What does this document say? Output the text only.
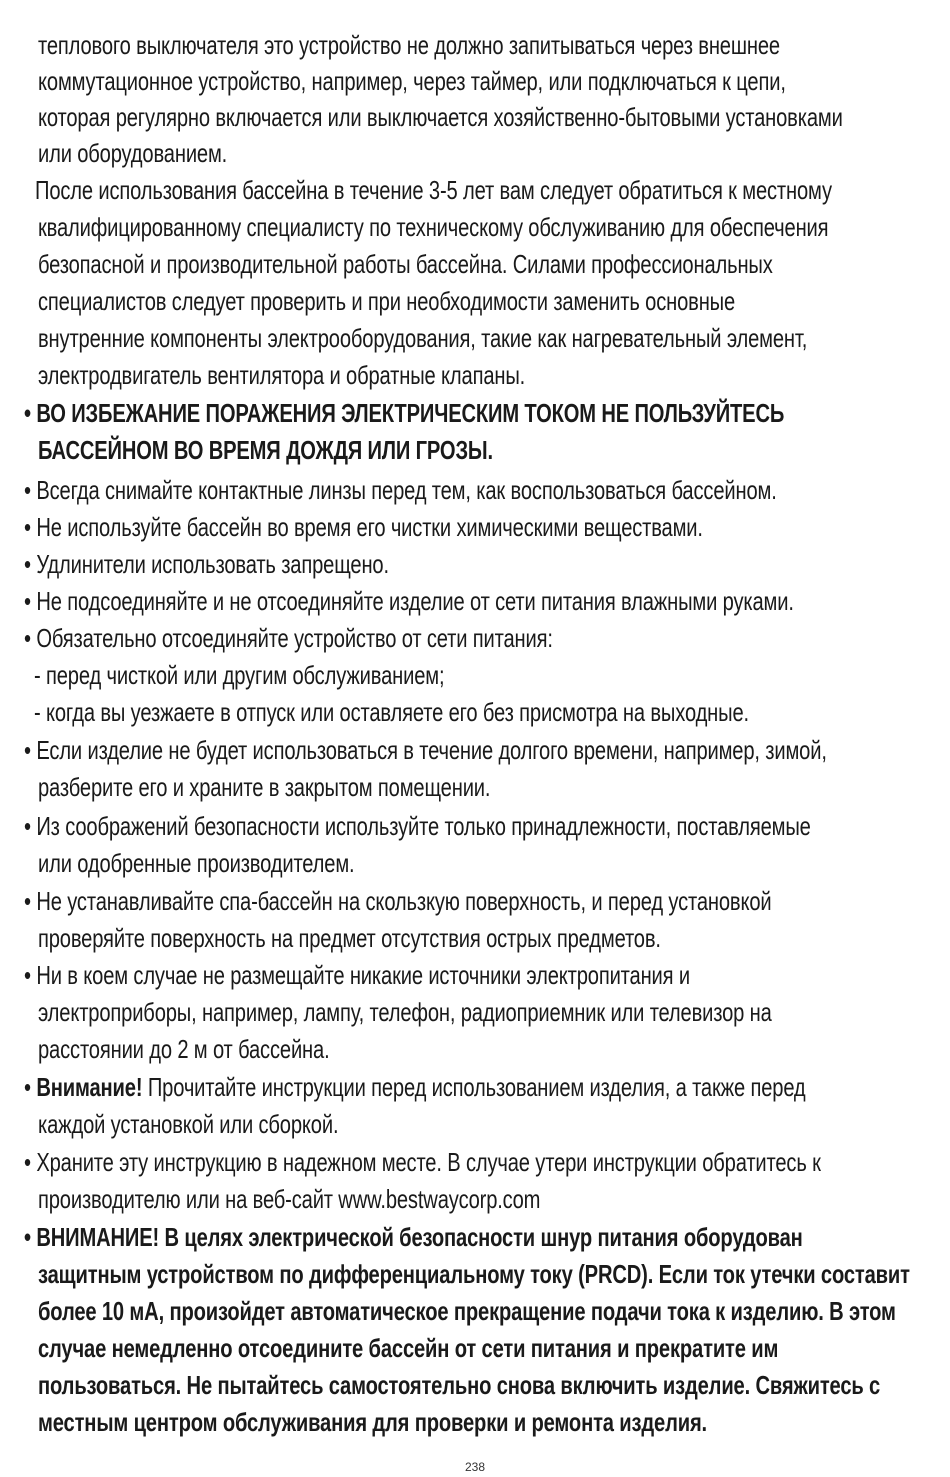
теплового выключателя это устройство не должно запитываться через внешнее
коммутационное устройство, например, через таймер, или подключаться к цепи,
которая регулярно включается или выключается хозяйственно-бытовыми установками
или оборудованием.
После использования бассейна в течение 3-5 лет вам следует обратиться к местному
квалифицированному специалисту по техническому обслуживанию для обеспечения
безопасной и производительной работы бассейна. Силами профессиональных
специалистов следует проверить и при необходимости заменить основные
внутренние компоненты электрооборудования, такие как нагревательный элемент,
электродвигатель вентилятора и обратные клапаны.
• ВО ИЗБЕЖАНИЕ ПОРАЖЕНИЯ ЭЛЕКТРИЧЕСКИМ ТОКОМ НЕ ПОЛЬЗУЙТЕСЬ
БАССЕЙНОМ ВО ВРЕМЯ ДОЖДЯ ИЛИ ГРОЗЫ.
• Всегда снимайте контактные линзы перед тем, как воспользоваться бассейном.
• Не используйте бассейн во время его чистки химическими веществами.
• Удлинители использовать запрещено.
• Не подсоединяйте и не отсоединяйте изделие от сети питания влажными руками.
• Обязательно отсоединяйте устройство от сети питания:
- перед чисткой или другим обслуживанием;
- когда вы уезжаете в отпуск или оставляете его без присмотра на выходные.
• Если изделие не будет использоваться в течение долгого времени, например, зимой,
разберите его и храните в закрытом помещении.
• Из соображений безопасности используйте только принадлежности, поставляемые
или одобренные производителем.
• Не устанавливайте спа-бассейн на скользкую поверхность, и перед установкой
проверяйте поверхность на предмет отсутствия острых предметов.
• Ни в коем случае не размещайте никакие источники электропитания и
электроприборы, например, лампу, телефон, радиоприемник или телевизор на
расстоянии до 2 м от бассейна.
• Внимание! Прочитайте инструкции перед использованием изделия, а также перед
каждой установкой или сборкой.
• Храните эту инструкцию в надежном месте. В случае утери инструкции обратитесь к
производителю или на веб-сайт www.bestwaycorp.com
• ВНИМАНИЕ! В целях электрической безопасности шнур питания оборудован
защитным устройством по дифференциальному току (PRCD). Если ток утечки составит
более 10 мА, произойдет автоматическое прекращение подачи тока к изделию. В этом
случае немедленно отсоедините бассейн от сети питания и прекратите им
пользоваться. Не пытайтесь самостоятельно снова включить изделие. Свяжитесь с
местным центром обслуживания для проверки и ремонта изделия.
238
